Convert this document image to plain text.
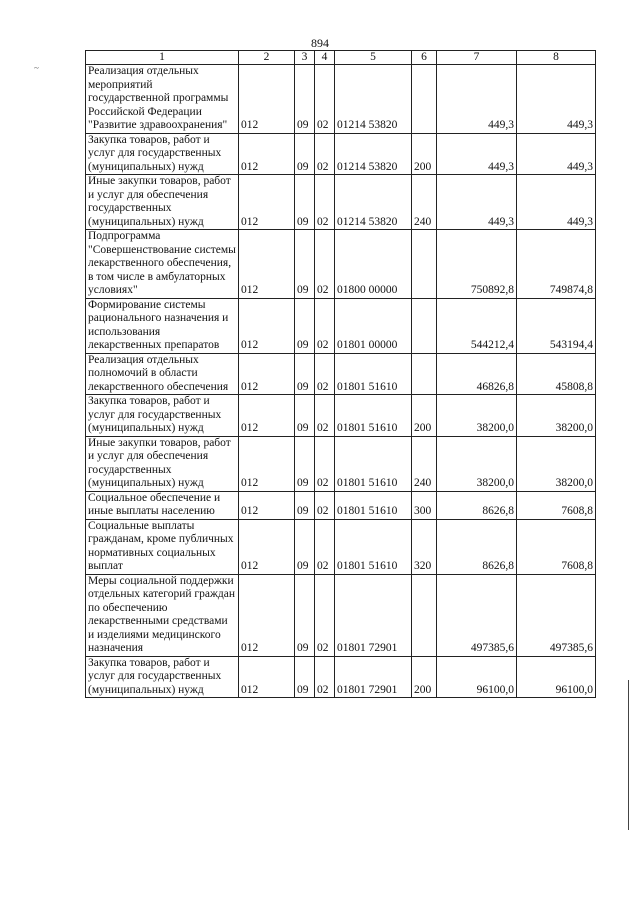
894
~
1	2	3	4	5	6	7	8
Реализация отдельных мероприятий государственной программы Российской Федерации "Развитие здравоохранения"	012	09	02	01214 53820		449,3	449,3
Закупка товаров, работ и услуг для государственных (муниципальных) нужд	012	09	02	01214 53820	200	449,3	449,3
Иные закупки товаров, работ и услуг для обеспечения государственных (муниципальных) нужд	012	09	02	01214 53820	240	449,3	449,3
Подпрограмма "Совершенствование системы лекарственного обеспечения, в том числе в амбулаторных условиях"	012	09	02	01800 00000		750892,8	749874,8
Формирование системы рационального назначения и использования лекарственных препаратов	012	09	02	01801 00000		544212,4	543194,4
Реализация отдельных полномочий в области лекарственного обеспечения	012	09	02	01801 51610		46826,8	45808,8
Закупка товаров, работ и услуг для государственных (муниципальных) нужд	012	09	02	01801 51610	200	38200,0	38200,0
Иные закупки товаров, работ и услуг для обеспечения государственных (муниципальных) нужд	012	09	02	01801 51610	240	38200,0	38200,0
Социальное обеспечение и иные выплаты населению	012	09	02	01801 51610	300	8626,8	7608,8
Социальные выплаты гражданам, кроме публичных нормативных социальных выплат	012	09	02	01801 51610	320	8626,8	7608,8
Меры социальной поддержки отдельных категорий граждан по обеспечению лекарственными средствами и изделиями медицинского назначения	012	09	02	01801 72901		497385,6	497385,6
Закупка товаров, работ и услуг для государственных (муниципальных) нужд	012	09	02	01801 72901	200	96100,0	96100,0
